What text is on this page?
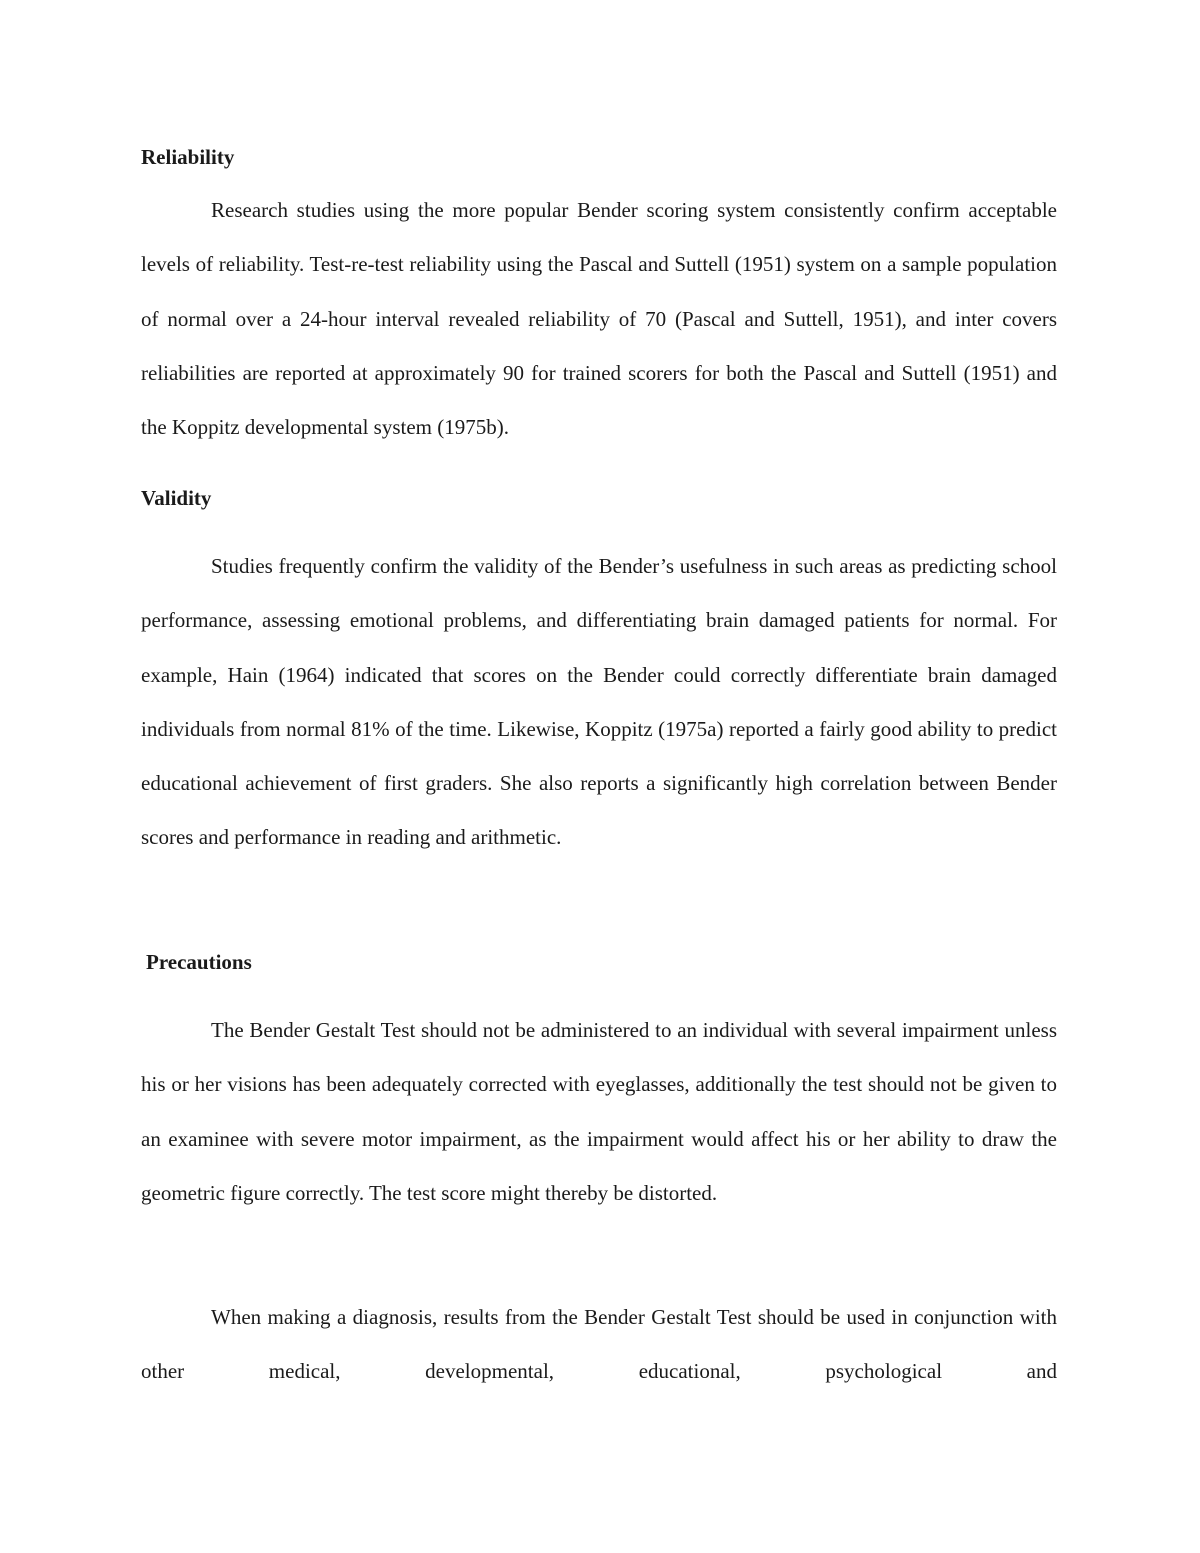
Reliability
Research studies using the more popular Bender scoring system consistently confirm acceptable levels of reliability. Test-re-test reliability using the Pascal and Suttell (1951) system on a sample population of normal over a 24-hour interval revealed reliability of 70 (Pascal and Suttell, 1951), and inter covers reliabilities are reported at approximately 90 for trained scorers for both the Pascal and Suttell (1951) and the Koppitz developmental system (1975b).
Validity
Studies frequently confirm the validity of the Bender’s usefulness in such areas as predicting school performance, assessing emotional problems, and differentiating brain damaged patients for normal. For example, Hain (1964) indicated that scores on the Bender could correctly differentiate brain damaged individuals from normal 81% of the time. Likewise, Koppitz (1975a) reported a fairly good ability to predict educational achievement of first graders. She also reports a significantly high correlation between Bender scores and performance in reading and arithmetic.
Precautions
The Bender Gestalt Test should not be administered to an individual with several impairment unless his or her visions has been adequately corrected with eyeglasses, additionally the test should not be given to an examinee with severe motor impairment, as the impairment would affect his or her ability to draw the geometric figure correctly. The test score might thereby be distorted.
When making a diagnosis, results from the Bender Gestalt Test should be used in conjunction with other medical, developmental, educational, psychological and
